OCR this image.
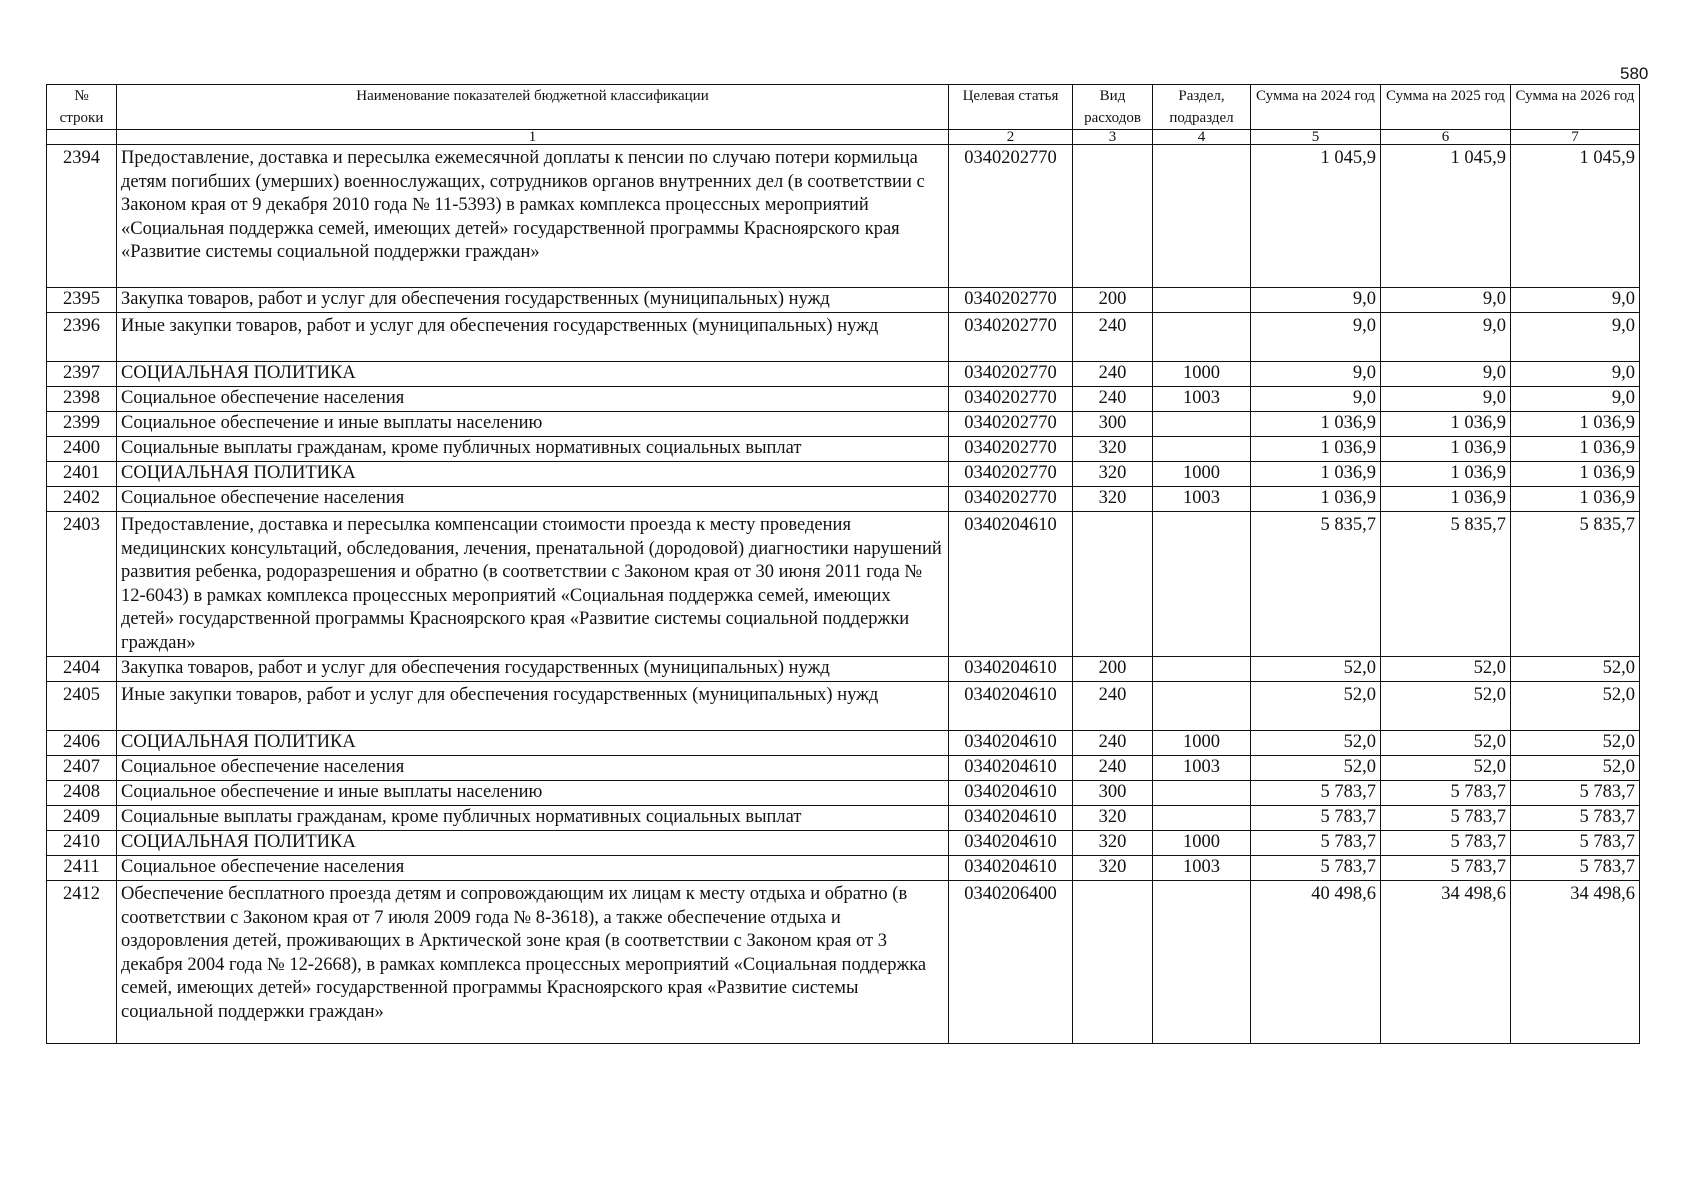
580
№ строки	Наименование показателей бюджетной классификации	Целевая статья	Вид расходов	Раздел, подраздел	Сумма на 2024 год	Сумма на 2025 год	Сумма на 2026 год
	1	2	3	4	5	6	7
2394	Предоставление, доставка и пересылка ежемесячной доплаты к пенсии по случаю потери кормильца детям погибших (умерших) военнослужащих, сотрудников органов внутренних дел (в соответствии с Законом края от 9 декабря 2010 года № 11-5393) в рамках комплекса процессных мероприятий «Социальная поддержка семей, имеющих детей» государственной программы Красноярского края «Развитие системы социальной поддержки граждан»	0340202770			1 045,9	1 045,9	1 045,9
2395	Закупка товаров, работ и услуг для обеспечения государственных (муниципальных) нужд	0340202770	200		9,0	9,0	9,0
2396	Иные закупки товаров, работ и услуг для обеспечения государственных (муниципальных) нужд	0340202770	240		9,0	9,0	9,0
2397	СОЦИАЛЬНАЯ ПОЛИТИКА	0340202770	240	1000	9,0	9,0	9,0
2398	Социальное обеспечение населения	0340202770	240	1003	9,0	9,0	9,0
2399	Социальное обеспечение и иные выплаты населению	0340202770	300		1 036,9	1 036,9	1 036,9
2400	Социальные выплаты гражданам, кроме публичных нормативных социальных выплат	0340202770	320		1 036,9	1 036,9	1 036,9
2401	СОЦИАЛЬНАЯ ПОЛИТИКА	0340202770	320	1000	1 036,9	1 036,9	1 036,9
2402	Социальное обеспечение населения	0340202770	320	1003	1 036,9	1 036,9	1 036,9
2403	Предоставление, доставка и пересылка компенсации стоимости проезда к месту проведения медицинских консультаций, обследования, лечения, пренатальной (дородовой) диагностики нарушений развития ребенка, родоразрешения и обратно (в соответствии с Законом края от 30 июня 2011 года № 12-6043) в рамках комплекса процессных мероприятий «Социальная поддержка семей, имеющих детей» государственной программы Красноярского края «Развитие системы социальной поддержки граждан»	0340204610			5 835,7	5 835,7	5 835,7
2404	Закупка товаров, работ и услуг для обеспечения государственных (муниципальных) нужд	0340204610	200		52,0	52,0	52,0
2405	Иные закупки товаров, работ и услуг для обеспечения государственных (муниципальных) нужд	0340204610	240		52,0	52,0	52,0
2406	СОЦИАЛЬНАЯ ПОЛИТИКА	0340204610	240	1000	52,0	52,0	52,0
2407	Социальное обеспечение населения	0340204610	240	1003	52,0	52,0	52,0
2408	Социальное обеспечение и иные выплаты населению	0340204610	300		5 783,7	5 783,7	5 783,7
2409	Социальные выплаты гражданам, кроме публичных нормативных социальных выплат	0340204610	320		5 783,7	5 783,7	5 783,7
2410	СОЦИАЛЬНАЯ ПОЛИТИКА	0340204610	320	1000	5 783,7	5 783,7	5 783,7
2411	Социальное обеспечение населения	0340204610	320	1003	5 783,7	5 783,7	5 783,7
2412	Обеспечение бесплатного проезда детям и сопровождающим их лицам к месту отдыха и обратно (в соответствии с Законом края от 7 июля 2009 года № 8-3618), а также обеспечение отдыха и оздоровления детей, проживающих в Арктической зоне края (в соответствии с Законом края от 3 декабря 2004 года № 12-2668), в рамках комплекса процессных мероприятий «Социальная поддержка семей, имеющих детей» государственной программы Красноярского края «Развитие системы социальной поддержки граждан»	0340206400			40 498,6	34 498,6	34 498,6
